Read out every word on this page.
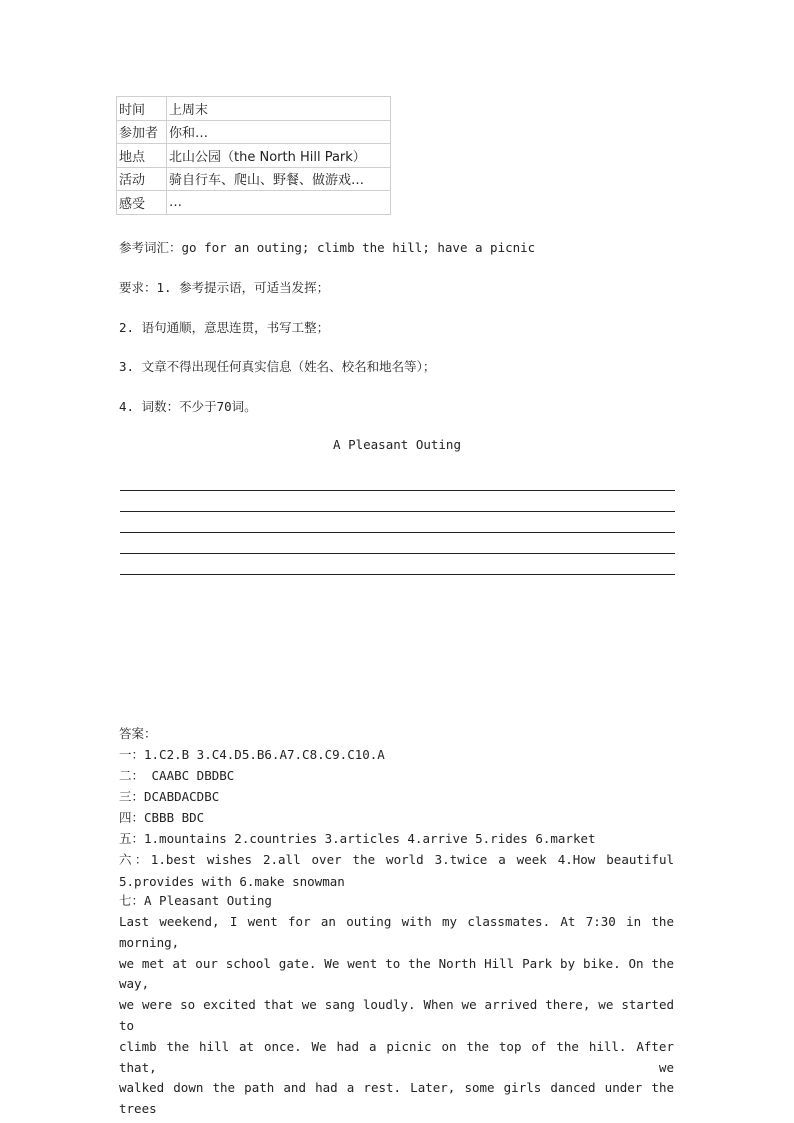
时间	上周末
参加者	你和…
地点	北山公园（the North Hill Park）
活动	骑自行车、爬山、野餐、做游戏…
感受	…
参考词汇：go for an outing; climb the hill; have a picnic
要求：1. 参考提示语，可适当发挥；
2. 语句通顺，意思连贯，书写工整；
3. 文章不得出现任何真实信息（姓名、校名和地名等）；
4. 词数：不少于70词。
A Pleasant Outing
答案：
一：1.C2.B 3.C4.D5.B6.A7.C8.C9.C10.A
二： CAABC DBDBC
三：DCABDACDBC
四：CBBB BDC
五：1.mountains 2.countries 3.articles 4.arrive 5.rides 6.market
六：1.best wishes 2.all over the world 3.twice a week 4.How beautiful
5.provides with 6.make snowman
七：A Pleasant Outing
Last weekend, I went for an outing with my classmates. At 7:30 in the morning,
we met at our school gate. We went to the North Hill Park by bike. On the way,
we were so excited that we sang loudly. When we arrived there, we started to
climb the hill at once. We had a picnic on the top of the hill. After that, we
walked down the path and had a rest. Later, some girls danced under the trees
